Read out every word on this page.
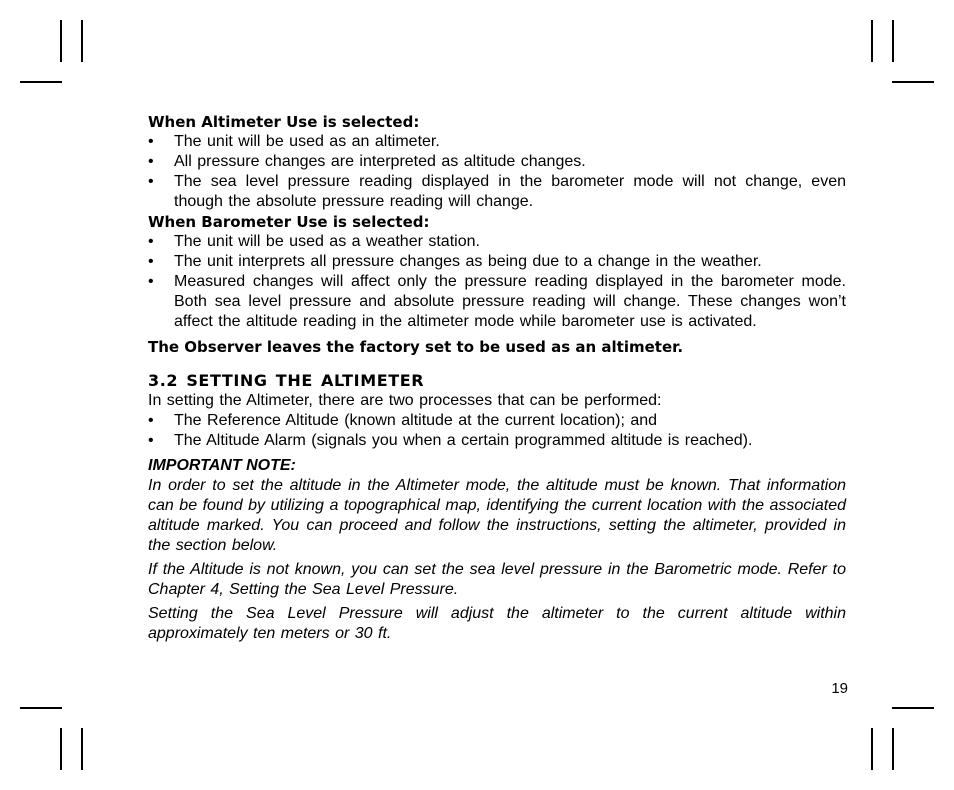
When Altimeter Use is selected:
• The unit will be used as an altimeter.
• All pressure changes are interpreted as altitude changes.
• The sea level pressure reading displayed in the barometer mode will not change, even though the absolute pressure reading will change.
When Barometer Use is selected:
• The unit will be used as a weather station.
• The unit interprets all pressure changes as being due to a change in the weather.
• Measured changes will affect only the pressure reading displayed in the barometer mode. Both sea level pressure and absolute pressure reading will change. These changes won’t affect the altitude reading in the altimeter mode while barometer use is activated.
The Observer leaves the factory set to be used as an altimeter.
3.2 SETTING THE ALTIMETER
In setting the Altimeter, there are two processes that can be performed:
• The Reference Altitude (known altitude at the current location); and
• The Altitude Alarm (signals you when a certain programmed altitude is reached).
IMPORTANT NOTE:

In order to set the altitude in the Altimeter mode, the altitude must be known. That information can be found by utilizing a topographical map, identifying the current location with the associated altitude marked. You can proceed and follow the instructions, setting the altimeter, provided in the section below.

If the Altitude is not known, you can set the sea level pressure in the Barometric mode. Refer to Chapter 4, Setting the Sea Level Pressure.

Setting the Sea Level Pressure will adjust the altimeter to the current altitude within approximately ten meters or 30 ft.

19
